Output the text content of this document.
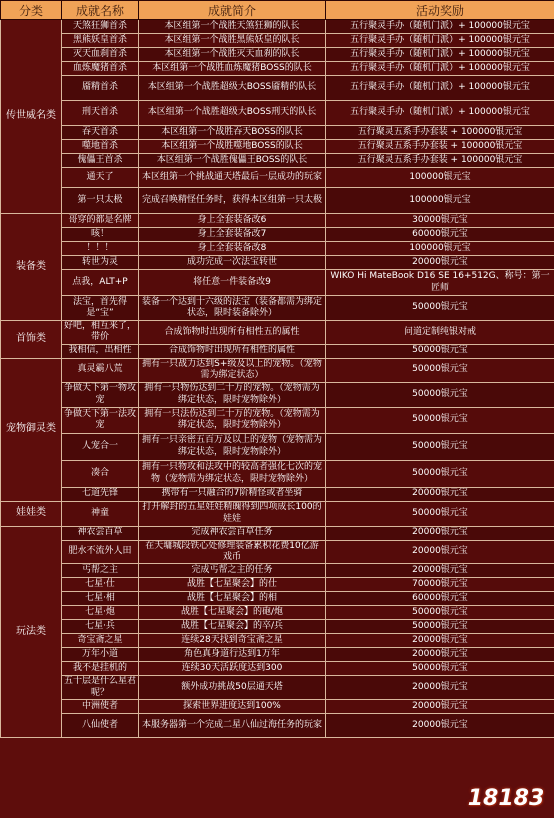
分类	成就名称	成就简介	活动奖励
传世威名类	天煞狂狮首杀	本区组第一个战胜天煞狂狮的队长	五行聚灵手办（随机门派）+ 100000银元宝
	黑熊妖皇首杀	本区组第一个战胜黑熊妖皇的队长	五行聚灵手办（随机门派）+ 100000银元宝
	灭天血刹首杀	本区组第一个战胜灭天血刹的队长	五行聚灵手办（随机门派）+ 100000银元宝
	血炼魔猪首杀	本区组第一个战胜血炼魔猪BOSS的队长	五行聚灵手办（随机门派）+ 100000银元宝
	靥精首杀	本区组第一个战胜超级大BOSS靥精的队长	五行聚灵手办（随机门派）+ 100000银元宝
	刑天首杀	本区组第一个战胜超级大BOSS刑天的队长	五行聚灵手办（随机门派）+ 100000银元宝
	吞天首杀	本区组第一个战胜吞天BOSS的队长	五行聚灵五系手办套装 + 100000银元宝
	噬地首杀	本区组第一个战胜噬地BOSS的队长	五行聚灵五系手办套装 + 100000银元宝
	傀儡王首杀	本区组第一个战胜傀儡王BOSS的队长	五行聚灵五系手办套装 + 100000银元宝
	通天了	本区组第一个挑战通天塔最后一层成功的玩家	100000银元宝
	第一只太极	完成召唤精怪任务时，获得本区组第一只太极	100000银元宝
装备类	哥穿的都是名牌	身上全套装备改6	30000银元宝
	咳！	身上全套装备改7	60000银元宝
	！！！	身上全套装备改8	100000银元宝
	转世为灵	成功完成一次法宝转世	20000银元宝
	点我，ALT+P	将任意一件装备改9	WIKO Hi MateBook D16 SE 16+512G、称号：第一匠师
	法宝，首先得是“宝”	装备一个达到十六级的法宝（装备都需为绑定状态，限时装备除外）	50000银元宝
首饰类	好吧，相互来了，带价	合成饰物时出现所有相性五的属性	问道定制纯银对戒
	我相信，出相性	合成饰物时出现所有相性的属性	50000银元宝
宠物御灵类	真灵霸八荒	拥有一只战力达到S+级及以上的宠物。（宠物需为绑定状态）	50000银元宝
	争做天下第一物攻宠	拥有一只物伤达到二十万的宠物。（宠物需为绑定状态，限时宠物除外）	50000银元宝
	争做天下第一法攻宠	拥有一只法伤达到二十万的宠物。（宠物需为绑定状态，限时宠物除外）	50000银元宝
	人宠合一	拥有一只亲密五百万及以上的宠物（宠物需为绑定状态，限时宠物除外）	50000银元宝
	凑合	拥有一只物攻和法攻中的较高者强化七次的宠物（宠物需为绑定状态，限时宠物除外）	50000银元宝
	七道先锋	携带有一只融合的7阶精怪或者坐骑	20000银元宝
娃娃类	神童	打开解封的五星娃娃精魄得到四项成长100的娃娃	50000银元宝
玩法类	神农尝百草	完成神农尝百草任务	20000银元宝
	肥水不流外人田	在天墉城段铁心处修理装备累积花费10亿游戏币	20000银元宝
	丐帮之主	完成丐帮之主的任务	20000银元宝
	七星·仕	战胜【七星聚会】的仕	70000银元宝
	七星·相	战胜【七星聚会】的相	60000银元宝
	七星·炮	战胜【七星聚会】的砲/炮	50000银元宝
	七星·兵	战胜【七星聚会】的卒/兵	50000银元宝
	奇宝斋之星	连续28天找到奇宝斋之星	20000银元宝
	万年小道	角色真身道行达到1万年	20000银元宝
	我不是挂机的	连续30天活跃度达到300	50000银元宝
	五十层是什么星君呢？	额外成功挑战50层通天塔	20000银元宝
	中洲使者	探索世界进度达到100%	20000银元宝
	八仙使者	本服务器第一个完成二星八仙过海任务的玩家	20000银元宝
18183
